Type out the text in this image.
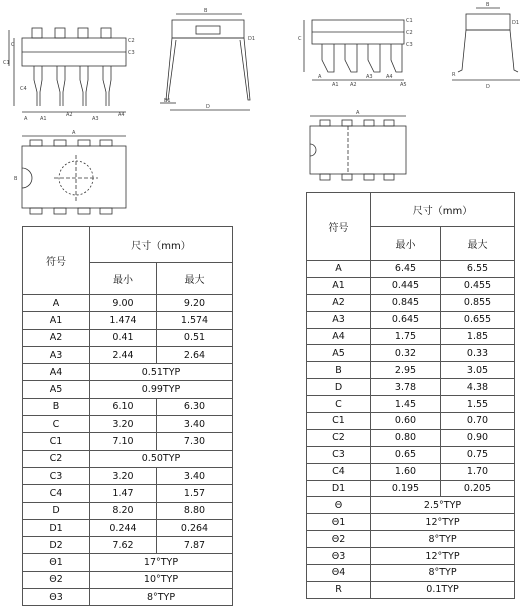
A	A1
A2
A3
A4
C
C1
C2
C3
C4
B
B1
D
D1
A
B
A
A1 A2
A3	A4
A5
C
C1
C2
C3
B
D
D1
R
A
符号	尺寸（mm）	
	最小	最大
A	9.00	9.20
A1	1.474	1.574
A2	0.41	0.51
A3	2.44	2.64
A4	0.51TYP	
A5	0.99TYP	
B	6.10	6.30
C	3.20	3.40
C1	7.10	7.30
C2	0.50TYP	
C3	3.20	3.40
C4	1.47	1.57
D	8.20	8.80
D1	0.244	0.264
D2	7.62	7.87
Θ1	17°TYP	
Θ2	10°TYP	
Θ3	8°TYP	
符号	尺寸（mm）	
	最小	最大
A	6.45	6.55
A1	0.445	0.455
A2	0.845	0.855
A3	0.645	0.655
A4	1.75	1.85
A5	0.32	0.33
B	2.95	3.05
D	3.78	4.38
C	1.45	1.55
C1	0.60	0.70
C2	0.80	0.90
C3	0.65	0.75
C4	1.60	1.70
D1	0.195	0.205
Θ	2.5°TYP	
Θ1	12°TYP	
Θ2	8°TYP	
Θ3	12°TYP	
Θ4	8°TYP	
R	0.1TYP	
